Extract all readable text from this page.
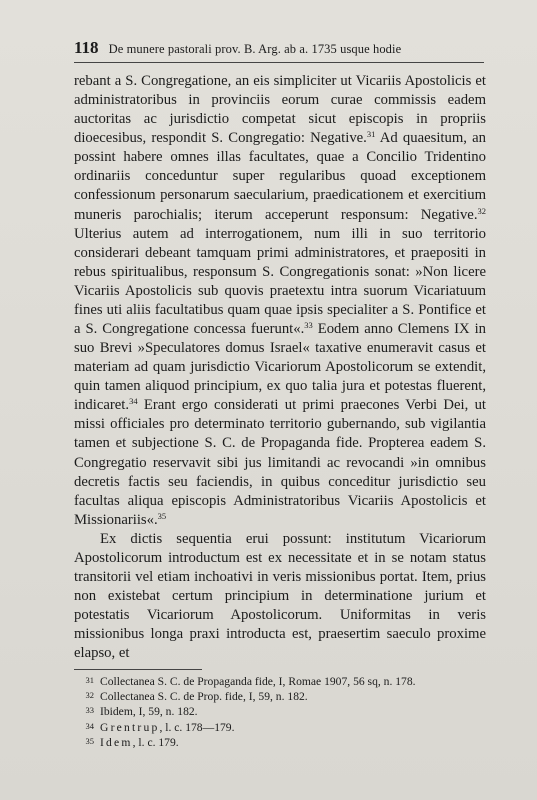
118 De munere pastorali prov. B. Arg. ab a. 1735 usque hodie

rebant a S. Congregatione, an eis simpliciter ut Vicariis Apostolicis et administratoribus in provinciis eorum curae commissis eadem auctoritas ac jurisdictio competat sicut episcopis in propriis dioecesibus, respondit S. Congregatio: Negative.$^{31}$ Ad quaesitum, an possint habere omnes illas facultates, quae a Concilio Tridentino ordinariis conceduntur super regularibus quoad exceptionem confessionum personarum saecularium, praedicationem et exercitium muneris parochialis; iterum acceperunt responsum: Negative.$^{32}$ Ulterius autem ad interrogationem, num illi in suo territorio considerari debeant tamquam primi administratores, et praepositi in rebus spiritualibus, responsum S. Congregationis sonat: »Non licere Vicariis Apostolicis sub quovis praetextu intra suorum Vicariatuum fines uti aliis facultatibus quam quae ipsis specialiter a S. Pontifice et a S. Congregatione concessa fuerunt«.$^{33}$ Eodem anno Clemens IX in suo Brevi »Speculatores domus Israel« taxative enumeravit casus et materiam ad quam jurisdictio Vicariorum Apostolicorum se extendit, quin tamen aliquod principium, ex quo talia jura et potestas fluerent, indicaret.$^{34}$ Erant ergo considerati ut primi praecones Verbi Dei, ut missi officiales pro determinato territorio gubernando, sub vigilantia tamen et subjectione S. C. de Propaganda fide. Propterea eadem S. Congregatio reservavit sibi jus limitandi ac revocandi »in omnibus decretis factis seu faciendis, in quibus conceditur jurisdictio seu facultas aliqua episcopis Administratoribus Vicariis Apostolicis et Missionariis«.$^{35}$

Ex dictis sequentia erui possunt: institutum Vicariorum Apostolicorum introductum est ex necessitate et in se notam status transitorii vel etiam inchoativi in veris missionibus portat. Item, prius non existebat certum principium in determinatione jurium et potestatis Vicariorum Apostolicorum. Uniformitas in veris missionibus longa praxi introducta est, praesertim saeculo proxime elapso, et

31 Collectanea S. C. de Propaganda fide, I, Romae 1907, 56 sq, n. 178.
32 Collectanea S. C. de Prop. fide, I, 59, n. 182.
33 Ibidem, I, 59, n. 182.
34 Grentrup, l. c. 178—179.
35 Idem, l. c. 179.
